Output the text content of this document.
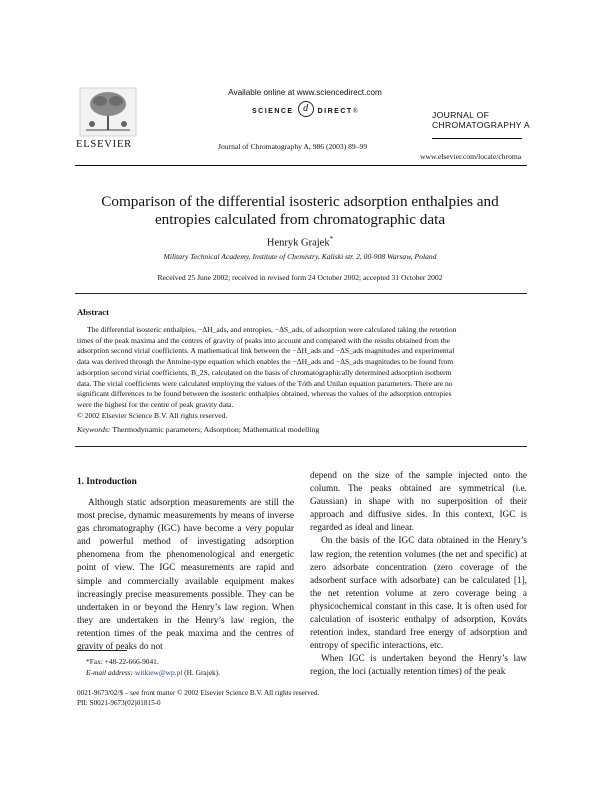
ELSEVIER
Available online at www.sciencedirect.com
SCIENCE d DIRECT®	JOURNAL OF
CHROMATOGRAPHY A
Journal of Chromatography A, 986 (2003) 89–99
www.elsevier.com/locate/chroma
Comparison of the differential isosteric adsorption enthalpies and
entropies calculated from chromatographic data
Henryk Grajek*
Military Technical Academy, Institute of Chemistry, Kaliski str. 2, 00-908 Warsaw, Poland
Received 25 June 2002; received in revised form 24 October 2002; accepted 31 October 2002
Abstract
The differential isosteric enthalpies, −ΔH_ads, and entropies, −ΔS_ads, of adsorption were calculated taking the retention
times of the peak maxima and the centres of gravity of peaks into account and compared with the results obtained from the
adsorption second virial coefficients. A mathematical link between the −ΔH_ads and −ΔS_ads magnitudes and experimental
data was derived through the Antoine-type equation which enables the −ΔH_ads and −ΔS_ads magnitudes to be found from
adsorption second virial coefficients, B_2S, calculated on the basis of chromatographically determined adsorption isotherm
data. The virial coefficients were calculated employing the values of the Tóth and Unilan equation parameters. There are no
significant differences to be found between the isosteric enthalpies obtained, whereas the values of the adsorption entropies
were the highest for the centre of peak gravity data.
© 2002 Elsevier Science B.V. All rights reserved.
Keywords: Thermodynamic parameters; Adsorption; Mathematical modelling
1. Introduction

Although static adsorption measurements are still the most precise, dynamic measurements by means of inverse gas chromatography (IGC) have become a very popular and powerful method of investigating adsorption phenomena from the phenomenological and energetic point of view. The IGC measurements are rapid and simple and commercially available equipment makes increasingly precise measurements possible. They can be undertaken in or beyond the Henry’s law region. When they are undertaken in the Henry’s law region, the retention times of the peak maxima and the centres of gravity of peaks do not

depend on the size of the sample injected onto the column. The peaks obtained are symmetrical (i.e. Gaussian) in shape with no superposition of their approach and diffusive sides. In this context, IGC is regarded as ideal and linear.

On the basis of the IGC data obtained in the Henry’s law region, the retention volumes (the net and specific) at zero adsorbate concentration (zero coverage of the adsorbent surface with adsorbate) can be calculated [1], the net retention volume at zero coverage being a physicochemical constant in this case. It is often used for calculation of isosteric enthalpy of adsorption, Kováts retention index, standard free energy of adsorption and entropy of specific interactions, etc.

When IGC is undertaken beyond the Henry’s law region, the loci (actually retention times) of the peak

*Fax: +48-22-666-9041.
E-mail address: witkiew@wp.pl (H. Grajek).
0021-9673/02/$ – see front matter © 2002 Elsevier Science B.V. All rights reserved.
PII: S0021-9673(02)01815-0
